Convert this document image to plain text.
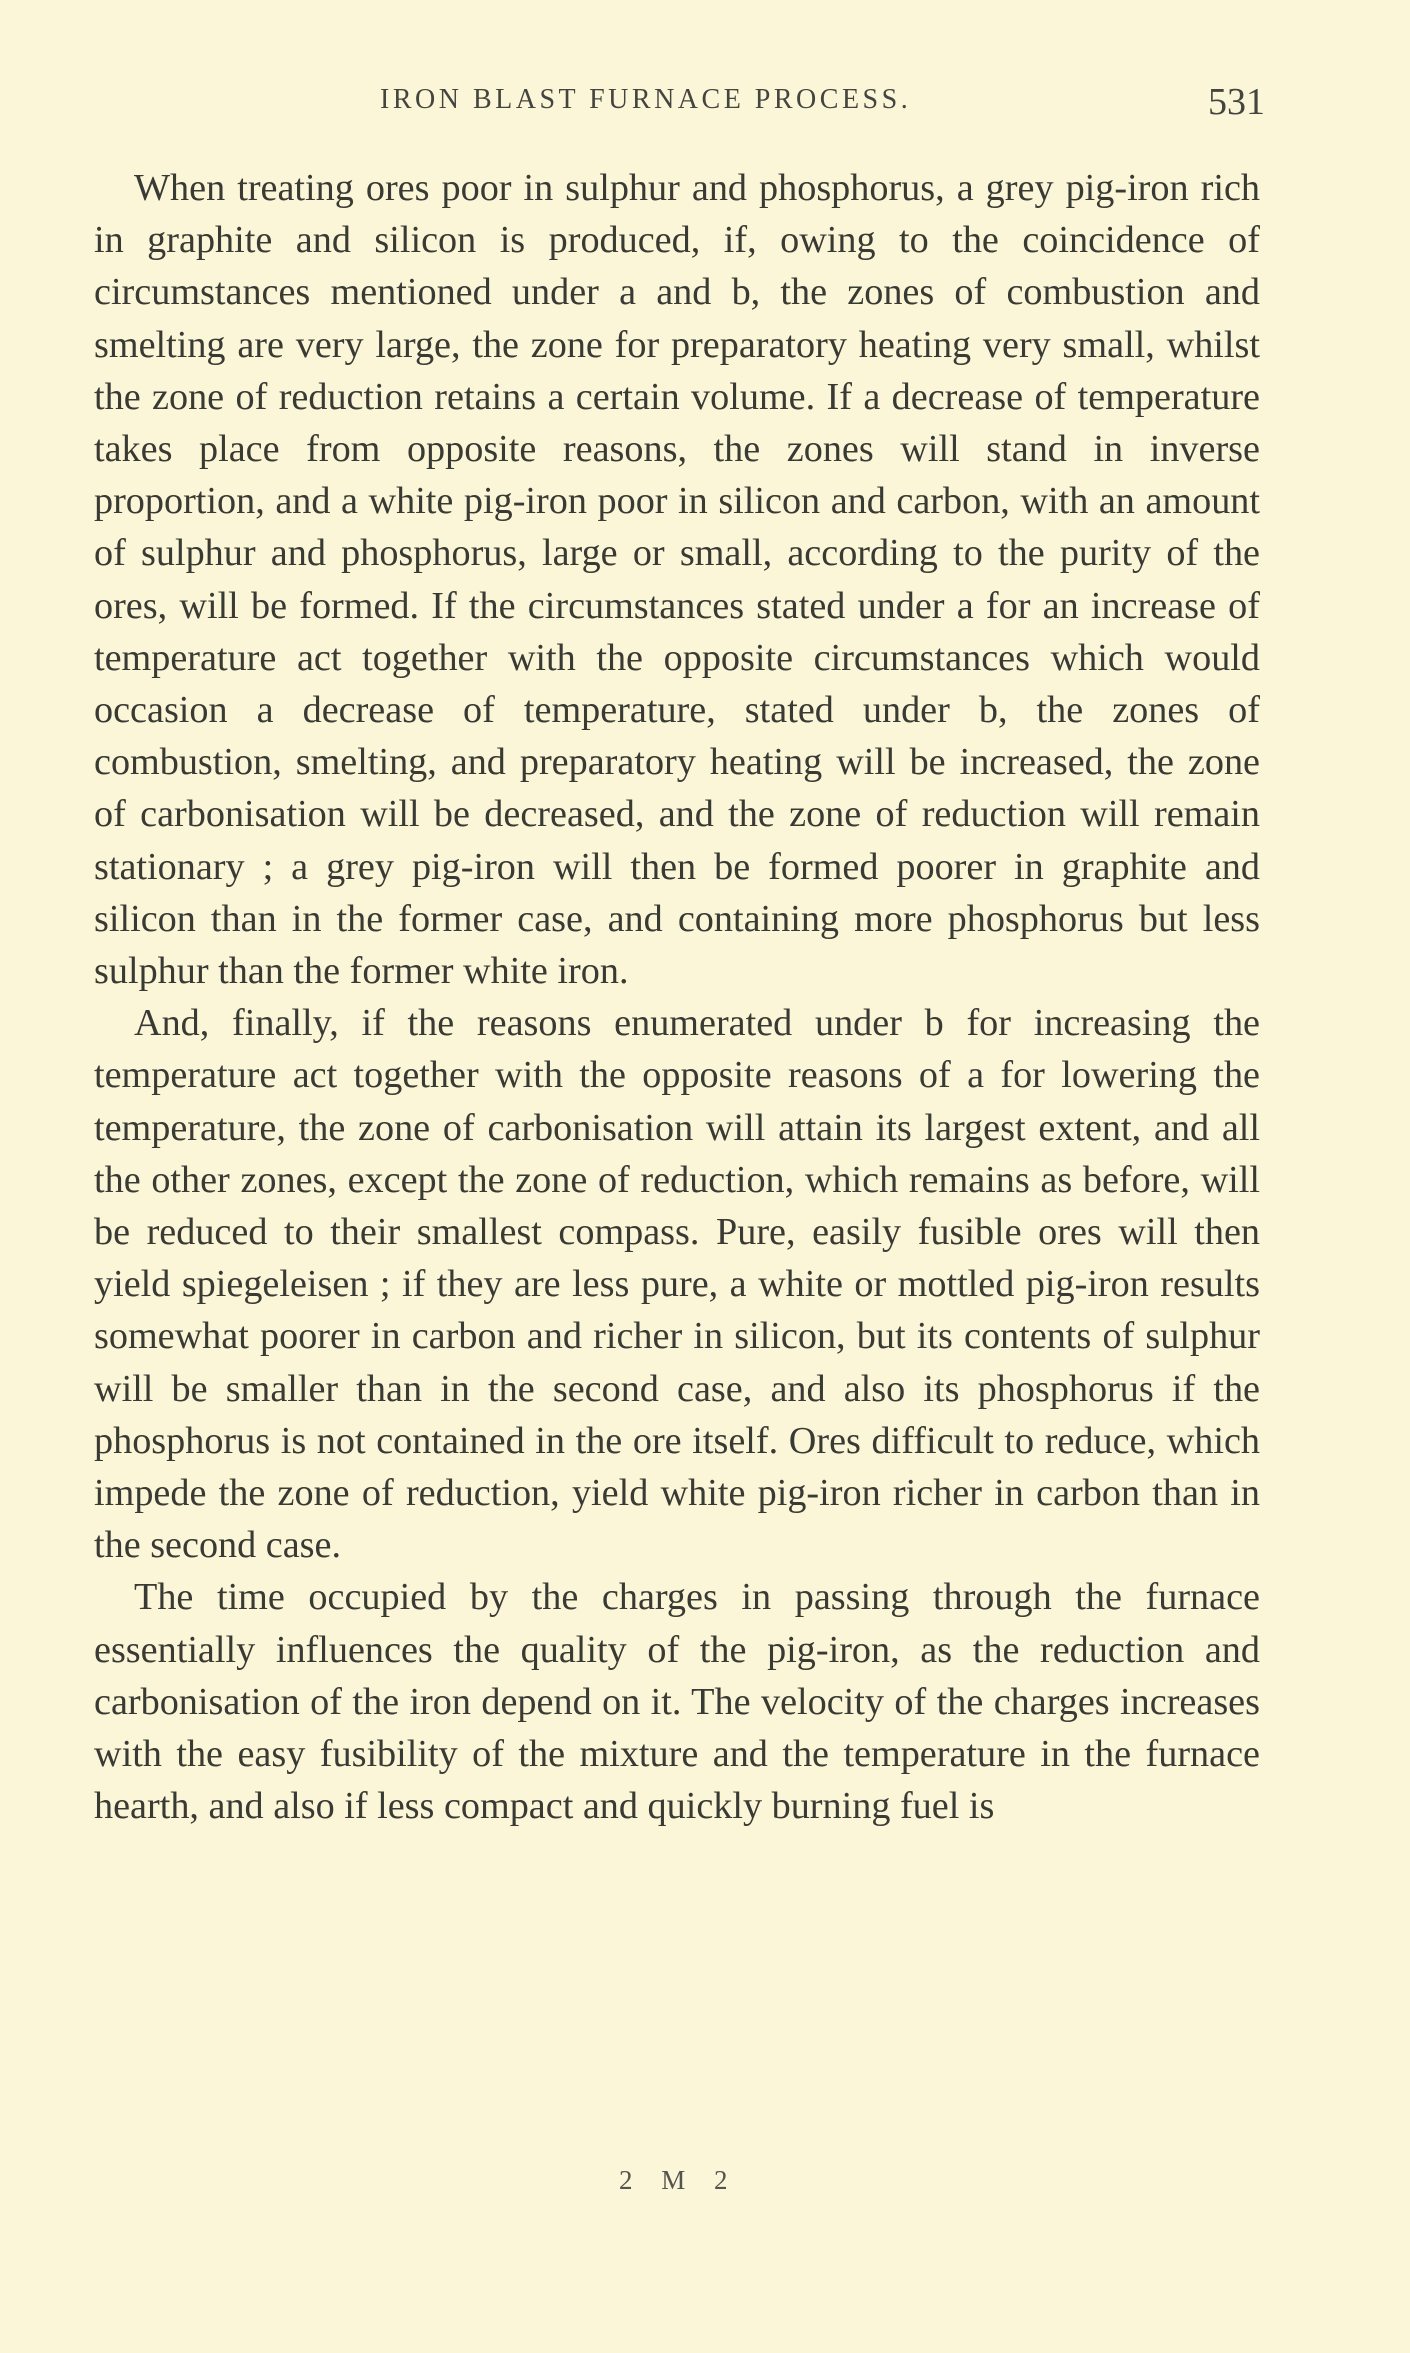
IRON BLAST FURNACE PROCESS.	531

When treating ores poor in sulphur and phosphorus, a grey pig-iron rich in graphite and silicon is produced, if, owing to the coincidence of circumstances mentioned under a and b, the zones of combustion and smelting are very large, the zone for preparatory heating very small, whilst the zone of reduction retains a certain volume. If a decrease of temperature takes place from opposite reasons, the zones will stand in inverse proportion, and a white pig-iron poor in silicon and carbon, with an amount of sulphur and phosphorus, large or small, according to the purity of the ores, will be formed. If the circumstances stated under a for an increase of temperature act together with the opposite circumstances which would occasion a decrease of temperature, stated under b, the zones of combustion, smelting, and preparatory heating will be increased, the zone of carbonisation will be decreased, and the zone of reduction will remain stationary ; a grey pig-iron will then be formed poorer in graphite and silicon than in the former case, and containing more phosphorus but less sulphur than the former white iron.

And, finally, if the reasons enumerated under b for increasing the temperature act together with the opposite reasons of a for lowering the temperature, the zone of carbonisation will attain its largest extent, and all the other zones, except the zone of reduction, which remains as before, will be reduced to their smallest compass. Pure, easily fusible ores will then yield spiegeleisen ; if they are less pure, a white or mottled pig-iron results somewhat poorer in carbon and richer in silicon, but its contents of sulphur will be smaller than in the second case, and also its phosphorus if the phosphorus is not contained in the ore itself. Ores difficult to reduce, which impede the zone of reduction, yield white pig-iron richer in carbon than in the second case.

The time occupied by the charges in passing through the furnace essentially influences the quality of the pig-iron, as the reduction and carbonisation of the iron depend on it. The velocity of the charges increases with the easy fusibility of the mixture and the temperature in the furnace hearth, and also if less compact and quickly burning fuel is

2 M 2
